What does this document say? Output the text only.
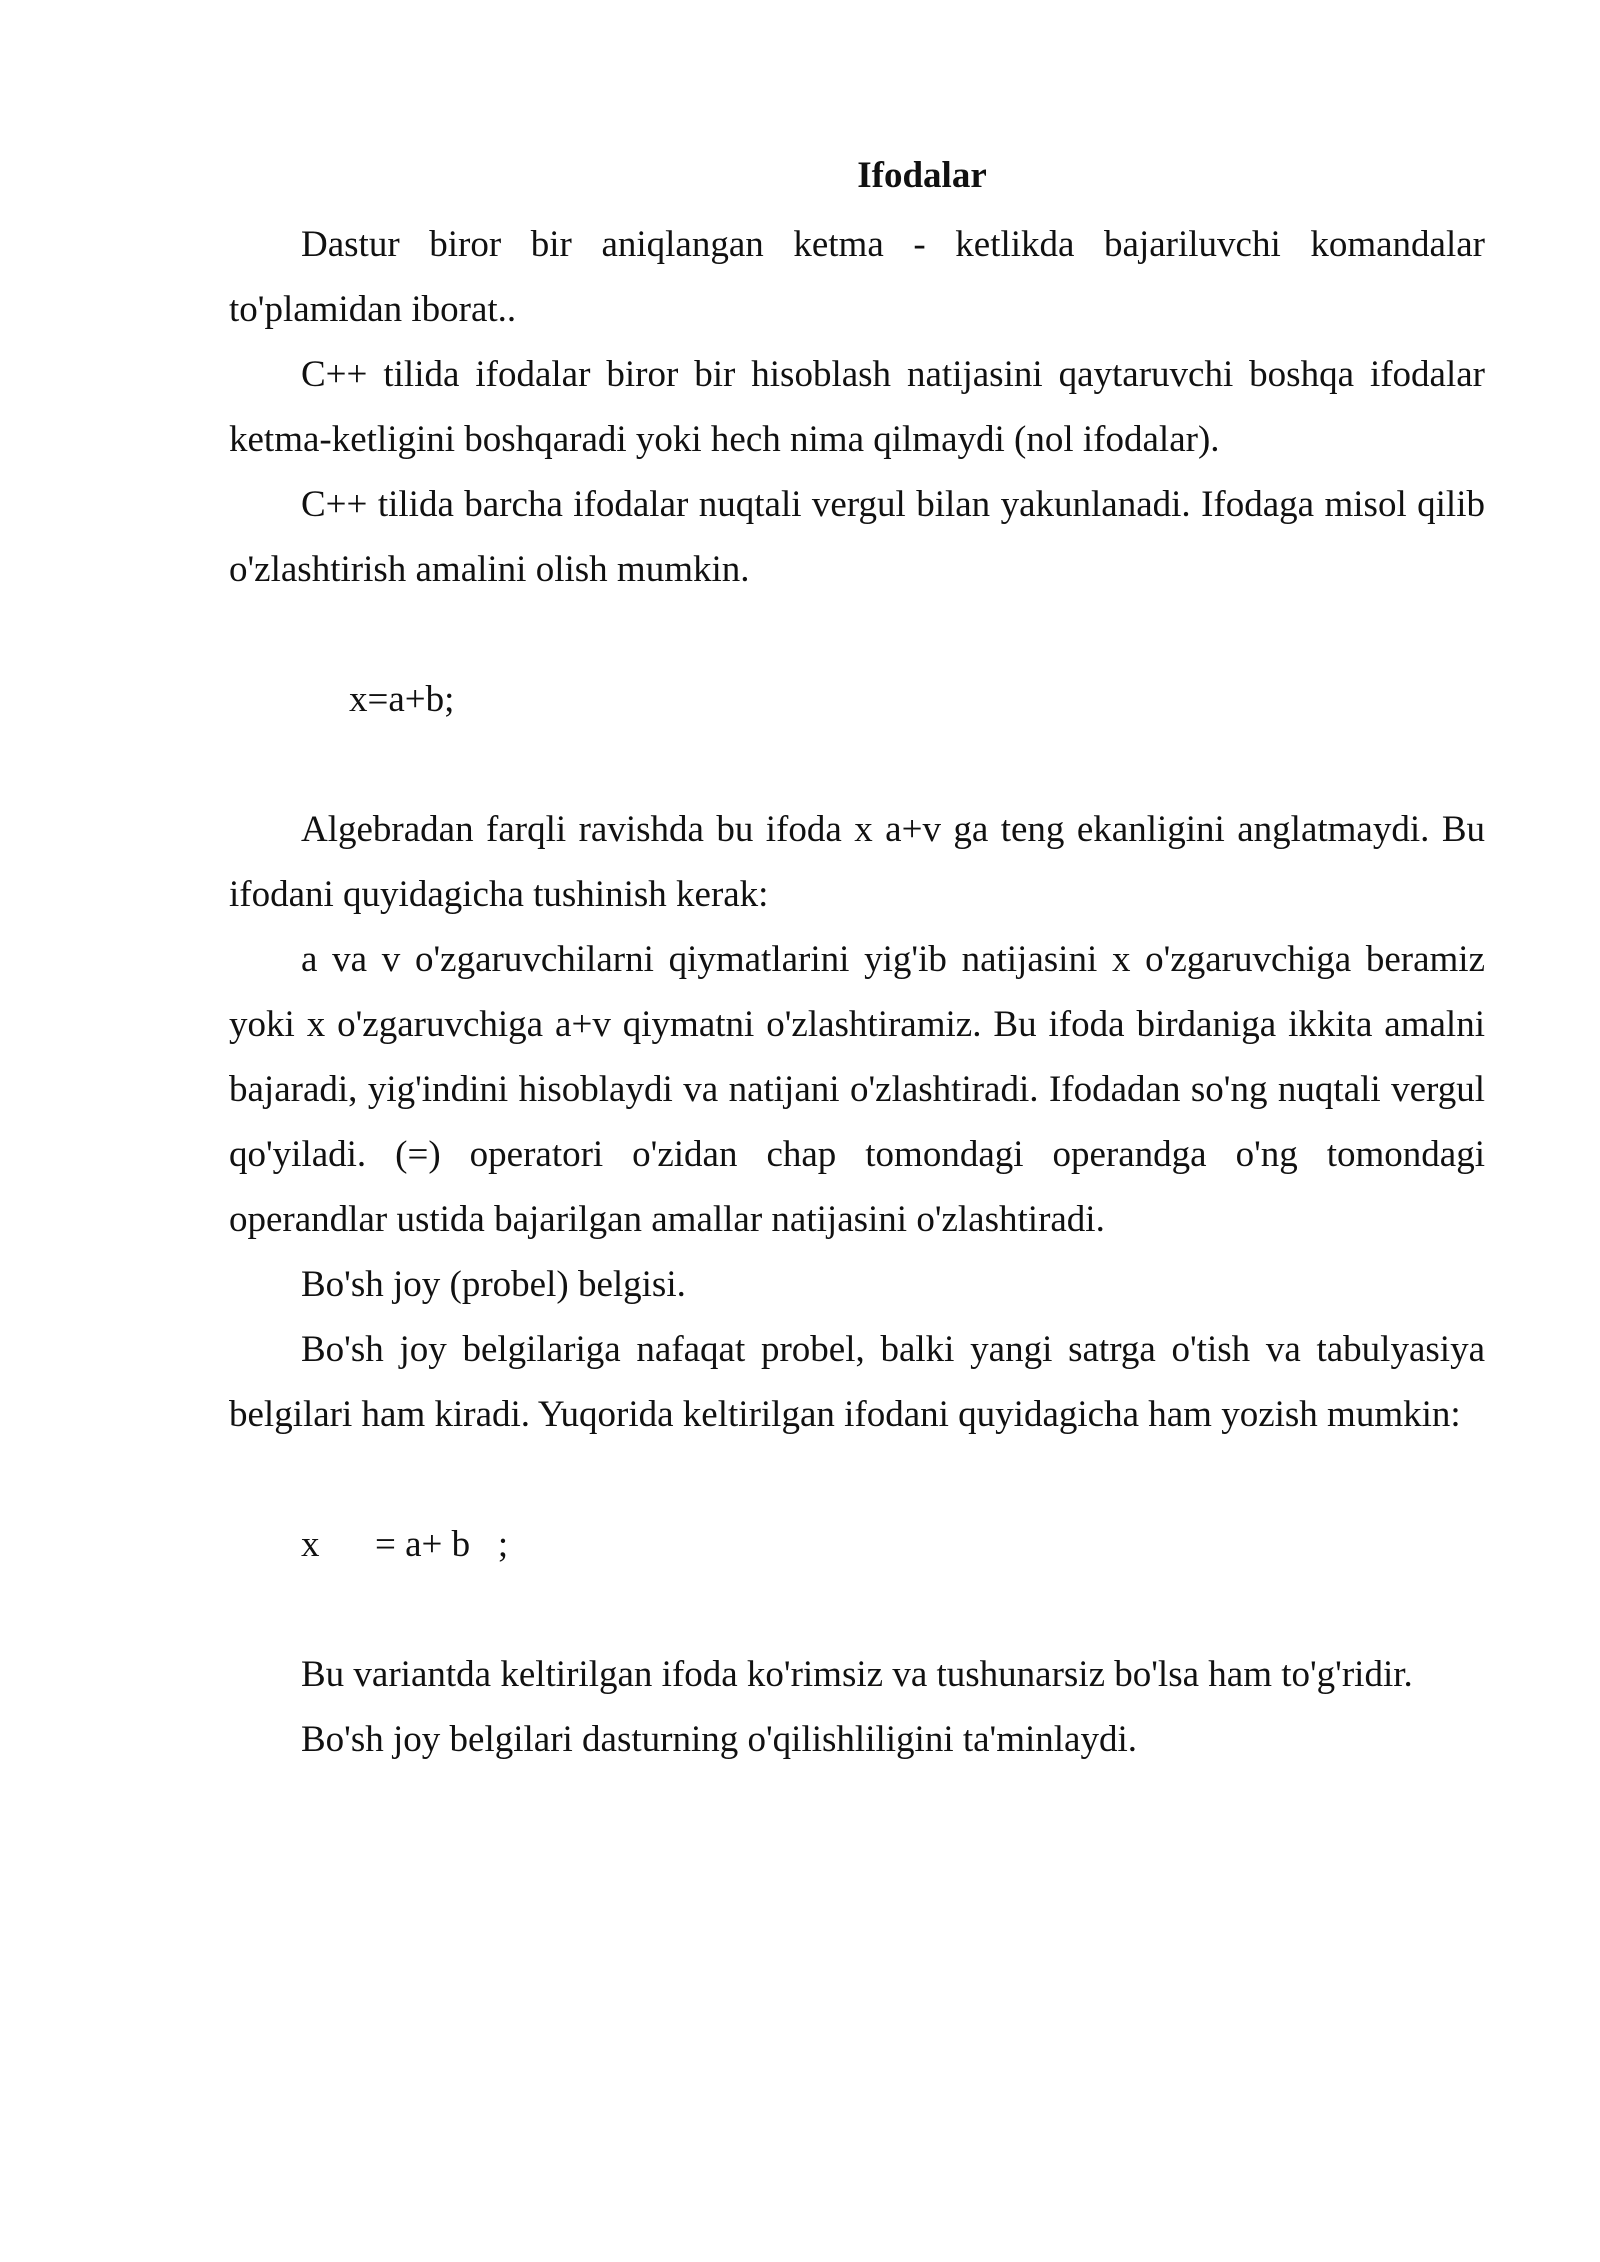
Ifodalar

Dastur biror bir aniqlangan ketma - ketlikda bajariluvchi komandalar to'plamidan iborat..

C++ tilida ifodalar biror bir hisoblash natijasini qaytaruvchi boshqa ifodalar ketma-ketligini boshqaradi yoki hech nima qilmaydi (nol ifodalar).

C++ tilida barcha ifodalar nuqtali vergul bilan yakunlanadi. Ifodaga misol qilib o'zlashtirish amalini olish mumkin.

x=a+b;

Algebradan farqli ravishda bu ifoda x a+v ga teng ekanligini anglatmaydi. Bu ifodani quyidagicha tushinish kerak:

a va v o'zgaruvchilarni qiymatlarini yig'ib natijasini x o'zgaruvchiga beramiz yoki x o'zgaruvchiga a+v qiymatni o'zlashtiramiz. Bu ifoda birdaniga ikkita amalni bajaradi, yig'indini hisoblaydi va natijani o'zlashtiradi. Ifodadan so'ng nuqtali vergul qo'yiladi. (=) operatori o'zidan chap tomondagi operandga o'ng tomondagi operandlar ustida bajarilgan amallar natijasini o'zlashtiradi.

Bo'sh joy (probel) belgisi.

Bo'sh joy belgilariga nafaqat probel, balki yangi satrga o'tish va tabulyasiya belgilari ham kiradi. Yuqorida keltirilgan ifodani quyidagicha ham yozish mumkin:

x      = a+ b   ;

Bu variantda keltirilgan ifoda ko'rimsiz va tushunarsiz bo'lsa ham to'g'ridir.

Bo'sh joy belgilari dasturning o'qilishliligini ta'minlaydi.
